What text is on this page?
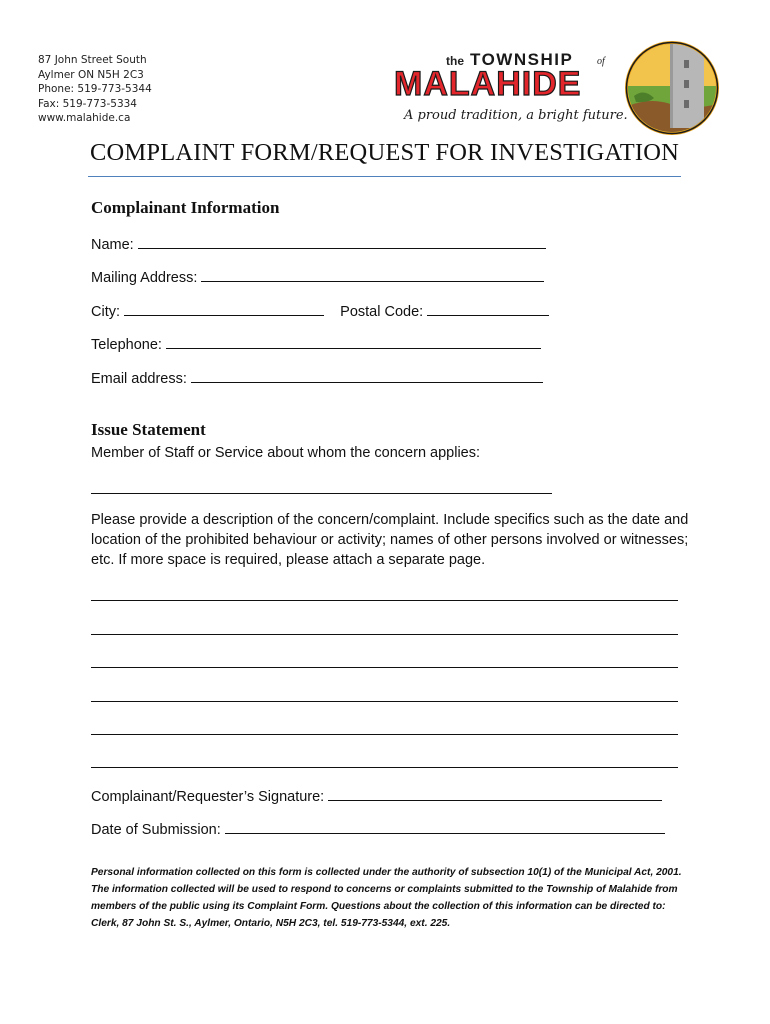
87 John Street South
Aylmer ON N5H 2C3
Phone: 519-773-5344
Fax: 519-773-5334
www.malahide.ca
the TOWNSHIP of
MALAHIDE
A proud tradition, a bright future.
COMPLAINT FORM/REQUEST FOR INVESTIGATION
Complainant Information
Name:
Mailing Address:
City:	Postal Code:
Telephone:
Email address:
Issue Statement
Member of Staff or Service about whom the concern applies:
Please provide a description of the concern/complaint. Include specifics such as the date and location of the prohibited behaviour or activity; names of other persons involved or witnesses; etc. If more space is required, please attach a separate page.
Complainant/Requester’s Signature:
Date of Submission:
Personal information collected on this form is collected under the authority of subsection 10(1) of the Municipal Act, 2001. The information collected will be used to respond to concerns or complaints submitted to the Township of Malahide from members of the public using its Complaint Form. Questions about the collection of this information can be directed to: Clerk, 87 John St. S., Aylmer, Ontario, N5H 2C3, tel. 519-773-5344, ext. 225.
